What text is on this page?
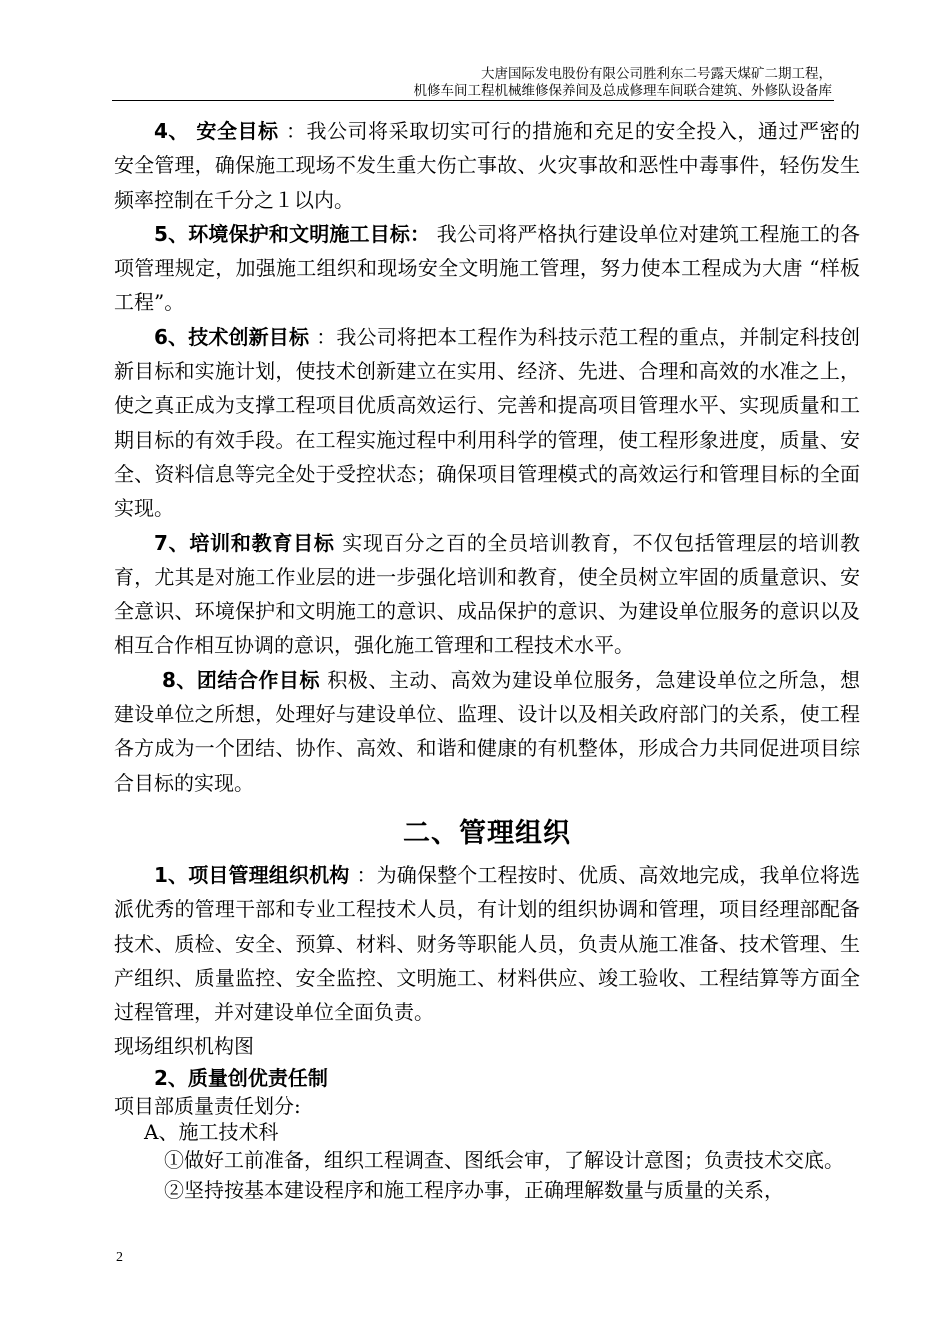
大唐国际发电股份有限公司胜利东二号露天煤矿二期工程，
机修车间工程机械维修保养间及总成修理车间联合建筑、外修队设备库

4、 安全目标 ：我公司将采取切实可行的措施和充足的安全投入，通过严密的安全管理，确保施工现场不发生重大伤亡事故、火灾事故和恶性中毒事件，轻伤发生频率控制在千分之１以内。

5、环境保护和文明施工目标： 我公司将严格执行建设单位对建筑工程施工的各项管理规定，加强施工组织和现场安全文明施工管理，努力使本工程成为大唐 “样板工程”。

6、技术创新目标 ：我公司将把本工程作为科技示范工程的重点，并制定科技创新目标和实施计划，使技术创新建立在实用、经济、先进、合理和高效的水准之上，使之真正成为支撑工程项目优质高效运行、完善和提高项目管理水平、实现质量和工期目标的有效手段。在工程实施过程中利用科学的管理，使工程形象进度，质量、安全、资料信息等完全处于受控状态；确保项目管理模式的高效运行和管理目标的全面实现。

7、培训和教育目标 实现百分之百的全员培训教育，不仅包括管理层的培训教育，尤其是对施工作业层的进一步强化培训和教育，使全员树立牢固的质量意识、安全意识、环境保护和文明施工的意识、成品保护的意识、为建设单位服务的意识以及相互合作相互协调的意识，强化施工管理和工程技术水平。

8、团结合作目标 积极、主动、高效为建设单位服务，急建设单位之所急，想建设单位之所想，处理好与建设单位、监理、设计以及相关政府部门的关系，使工程各方成为一个团结、协作、高效、和谐和健康的有机整体，形成合力共同促进项目综合目标的实现。

二、管理组织

1、项目管理组织机构 ：为确保整个工程按时、优质、高效地完成，我单位将选派优秀的管理干部和专业工程技术人员，有计划的组织协调和管理，项目经理部配备技术、质检、安全、预算、材料、财务等职能人员，负责从施工准备、技术管理、生产组织、质量监控、安全监控、文明施工、材料供应、竣工验收、工程结算等方面全过程管理，并对建设单位全面负责。

现场组织机构图

2、质量创优责任制

项目部质量责任划分:

A、施工技术科

①做好工前准备，组织工程调查、图纸会审，了解设计意图；负责技术交底。

②坚持按基本建设程序和施工程序办事，正确理解数量与质量的关系，

2
